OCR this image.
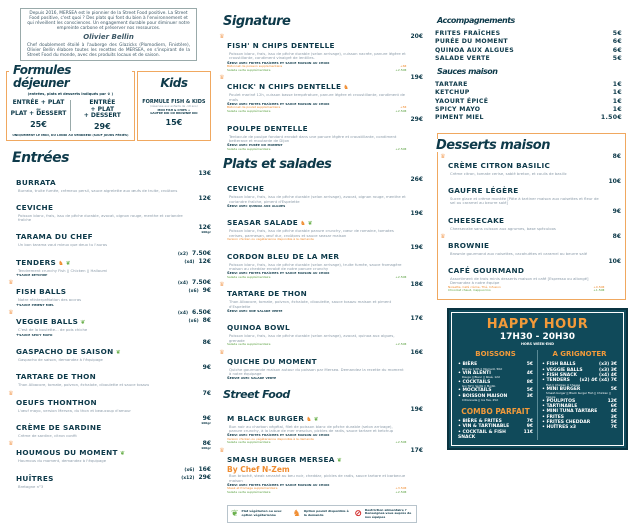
Depuis 2016, MERSEA est le pionnier de la Street Food positive. La Street Food positive, c'est quoi ? Des plats qui font du bien à l'environnement et qui réveillent les consciences. Un engagement durable pour diminuer notre empreinte carbone et préserver nos ressources.
Olivier Bellin
Chef doublement étoilé à l'auberge des Glazicks (Plomodiern, Finistère), Olivier Bellin élabore toutes les recettes de MERSEA, en s'inspirant de la Street Food du monde, avec des produits locaux et de saison.
Formules déjeuner
(entrées, plats et desserts indiqués par ♛ )
ENTRÉE + PLAT
ou
PLAT + DESSERT
25€
ENTRÉE
+ PLAT
+ DESSERT
29€
UNIQUEMENT LE MIDI, DU LUNDI AU VENDREDI (SAUF JOURS FÉRIÉS)
Kids
FORMULE FISH & KIDS
(réservée aux enfants de -10 ans)
MINI FISH & CHIPS +
GAUFRE KID OU BROWNIE KID
15€
Entrées
BURRATA
Burrata, truite fumée, crémeux persil, sauce aigrelette aux œufs de truite, croûtons
13€
CEVICHE
Poisson blanc, frais, issu de pêche durable, avocat, oignon rouge, menthe et coriandre fraîche
12€
TARAMA DU CHEF
Un bon tarama vaut mieux que deux tu l'auras
12€
100gr
TENDERS ♞ ❦
Tendrement crunchy Fish || Chicken || Halloumi
+sauce ketchup
(x2) 7.50€
(x4) 12€
♛
FISH BALLS
Notre réinterprétation des accras
+sauce piment miel
(x4) 7.50€
(x6) 9€
♛
VEGGIE BALLS ❦
C'est de la boulette... de pois chiche
+sauce spicy mayo
(x4) 6.50€
(x6) 8€
GASPACHO DE SAISON ❦
Gaspacho de saison, demandez à l'équipage
8€
TARTARE DE THON
Thon Albacore, tomate, poivron, échalote, ciboulette et sauce tosazu
9€
♛
OEUFS THONTHON
L'œuf mayo, version Mersea, du thon et beaucoup d'amour
7€
CRÈME DE SARDINE
Crème de sardine, citron confit
9€
100gr
♛
HOUMOUS DU MOMENT ❦
Houmous du moment, demandez à l'équipage
8€
100gr
HUÎTRES
Bretagne n°3
(x6) 16€
(x12) 29€
Signature
♛
FISH' N CHIPS DENTELLE
Poisson blanc, frais, issu de pêche durable (selon arrivage), cuisson nacrée, panure légère et croustillante, condiment vinaigré de lentilles.
Servi avec frites fraîches et sauce maison au choix
Bâtonnet de poisson supplémentaire	+6€
Salade verte supplémentaire	+2.50€
20€
♛
CHICK' N CHIPS DENTELLE ♞
Poulet mariné 12h, cuisson basse température, panure légère et croustillante, condiment de maïs
Servi avec frites fraîches et sauce maison au choix
Bâtonnet de poulet supplémentaire	+5€
Salade verte supplémentaire	+2.50€
19€
POULPE DENTELLE
Tentacule de poulpe fondant enrobé dans une panure légère et croustillante, condiment betterave et moutarde de Dijon
Servi avec purée du moment
Salade verte supplémentaire	+2.50€
29€
Plats et salades
CEVICHE
Poisson blanc, frais, issu de pêche durable (selon arrivage), avocat, oignon rouge, menthe et coriandre fraîche, piment d'Espelette
Servi avec quinoa aux algues
26€
SEASAR SALADE ♞ ❦
Poisson blanc, frais, issu de pêche durable panure crunchy, cœur de romaine, tomates cerises, parmesan, œuf dur, croûtons et sauce seasar maison
Version chicken ou végétarienne disponible à la demande
19€
CORDON BLEU DE LA MER
Poisson blanc, frais, issu de pêche durable (selon arrivage), truite fumée, sauce fromagère maison au cheddar enrobé de notre panure crunchy
Servi avec frites fraîches et sauce maison au choix
Salade verte supplémentaire	+2.50€
19€
♛
TARTARE DE THON
Thon Albacore, tomate, poivron, échalote, ciboulette, sauce tosazu maison et piment d'Espelette
Servi avec une salade verte
18€
QUINOA BOWL
Poisson blanc, frais, issu de pêche durable (selon arrivage), avocat, quinoa aux algues, grenade
Salade verte supplémentaire	+2.50€
17€
♛
QUICHE DU MOMENT
Quiche gourmande maison autour du poisson par Mersea. Demandez la recette du moment à notre équipage
Servie avec salade verte
16€
Street Food
M BLACK BURGER ♞ ❦
Bun noir au charbon végétal, filet de poisson blanc de pêche durable (selon arrivage), panure crunchy, à la laitue de mer mesclun, pickles de radis, sauce tartare et ketchup
Servi avec frites fraîches et sauce maison au choix
Version chicken ou végétarienne disponible à la demande
Salade verte supplémentaire	+2.50€
19€
♛
SMASH BURGER MERSEA ❦
By Chef N-Zem
Bun brioché, steak smashé au beu noir, cheddar, pickles de radis, sauce tartare et barbecue maison
Servi avec frites fraîches et sauce maison au choix
Steak et fromage supplémentaire	+3.50€
Salade verte supplémentaire	+2.50€
17€
❦ Plat végétarien ou avec option végétarienne	♞ Option poulet disponible à la demande	⊘ Restriction alimentaire ? Renseignez-vous auprès de nos équipes
Accompagnements
FRITES FRAÎCHES	5€
PURÉE DU MOMENT	6€
QUINOA AUX ALGUES	6€
SALADE VERTE	5€
Sauces maison
TARTARE	1€
KETCHUP	1€
YAOURT ÉPICÉ	1€
SPICY MAYO	1€
PIMENT MIEL	1.50€
Desserts maison
♛
CRÈME CITRON BASILIC
Crème citron, tomate cerise, sablé breton, et coulis de basilic
8€
GAUFRE LÉGÈRE
Sucre glace et crème montée [Pâte à tartiner maison aux noisettes et fleur de sel ou caramel au beurre salé]
10€
CHEESECAKE
Cheesecake sans cuisson aux agrumes, base spéculoos
9€
♛
BROWNIE
Brownie gourmand aux noisettes, cacahuètes et caramel au beurre salé
8€
CAFÉ GOURMAND
Assortiment de trois minis desserts maison et café [Espresso ou allongé] Demandez à notre équipe
Noisette, Café crème, Thé, Infusion	+0.50€
Chocolat chaud, Cappuccino	+1.50€
10€
HAPPY HOUR
17H30 - 20H30
HORS WEEK-END
BOISSONS
• BIÈRE	5€
Blonde || IPA || Moment, 50cl
• VIN ALENTI	4€
Rouge || Blanc || Rosé, 12cl
• COCKTAILS	8€
Gin Tof || Spritz || Mojito
• MOCKTAILS	5€
• BOISSON MAISON	3€
Citronnade || Ice Tea, 25cl
COMBO PARFAIT
• BIÈRE & FRITES	7€
• VIN & TARTINABLE	9€
• COCKTAIL & FISH SNACK
11€
A GRIGNOTER
• FISH BALLS	(x3) 3€
• VEGGIE BALLS	(x3) 3€
• FISH SNACK	(x4) 4€
• TENDERS (x2) 4€ (x4) 7€
Fish || Chicken || Cheese
• MINI BURGER	5€
Smash burger || Black burger Fish || Chicken || Veggie
• POULPITOS	12€
• TARTINABLE	6€
• MINI TUNA TARTARE	4€
• FRITES	3€
• FRITES CHEDDAR	5€
• HUÎTRES x3	7€
